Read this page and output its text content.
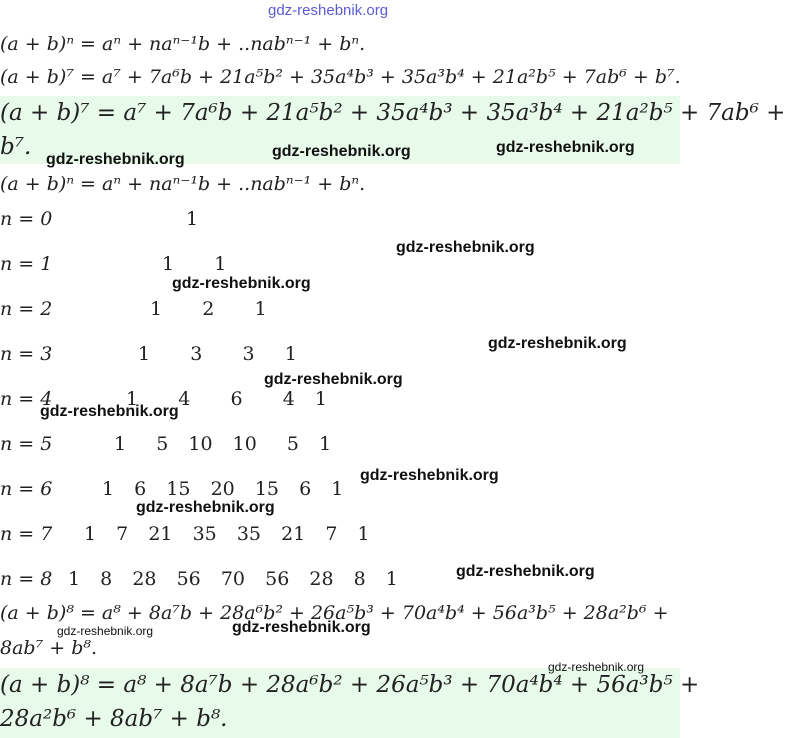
gdz-reshebnik.org
(a + b)ⁿ = aⁿ + naⁿ⁻¹b + ..nabⁿ⁻¹ + bⁿ.
(a + b)⁷ = a⁷ + 7a⁶b + 21a⁵b² + 35a⁴b³ + 35a³b⁴ + 21a²b⁵ + 7ab⁶ + b⁷.
(a + b)⁷ = a⁷ + 7a⁶b + 21a⁵b² + 35a⁴b³ + 35a³b⁴ + 21a²b⁵ + 7ab⁶ +
b⁷.
(a + b)ⁿ = aⁿ + naⁿ⁻¹b + ..nabⁿ⁻¹ + bⁿ.
n = 0	1
n = 1	1    1
n = 2	1    2    1
n = 3	1    3    3   1
n = 4	1    4    6    4  1
n = 5	1   5  10  10   5  1
n = 6	1  6  15  20  15  6  1
n = 7 1  7  21  35  35  21  7  1
n = 8 1  8  28  56  70  56  28  8  1
(a + b)⁸ = a⁸ + 8a⁷b + 28a⁶b² + 26a⁵b³ + 70a⁴b⁴ + 56a³b⁵ + 28a²b⁶ +
8ab⁷ + b⁸.
(a + b)⁸ = a⁸ + 8a⁷b + 28a⁶b² + 26a⁵b³ + 70a⁴b⁴ + 56a³b⁵ +
28a²b⁶ + 8ab⁷ + b⁸.
gdz-reshebnik.org	gdz-reshebnik.org	gdz-reshebnik.org
gdz-reshebnik.org
gdz-reshebnik.org
gdz-reshebnik.org
gdz-reshebnik.org
gdz-reshebnik.org
gdz-reshebnik.org
gdz-reshebnik.org
gdz-reshebnik.org
gdz-reshebnik.org
gdz-reshebnik.org
gdz-reshebnik.org
